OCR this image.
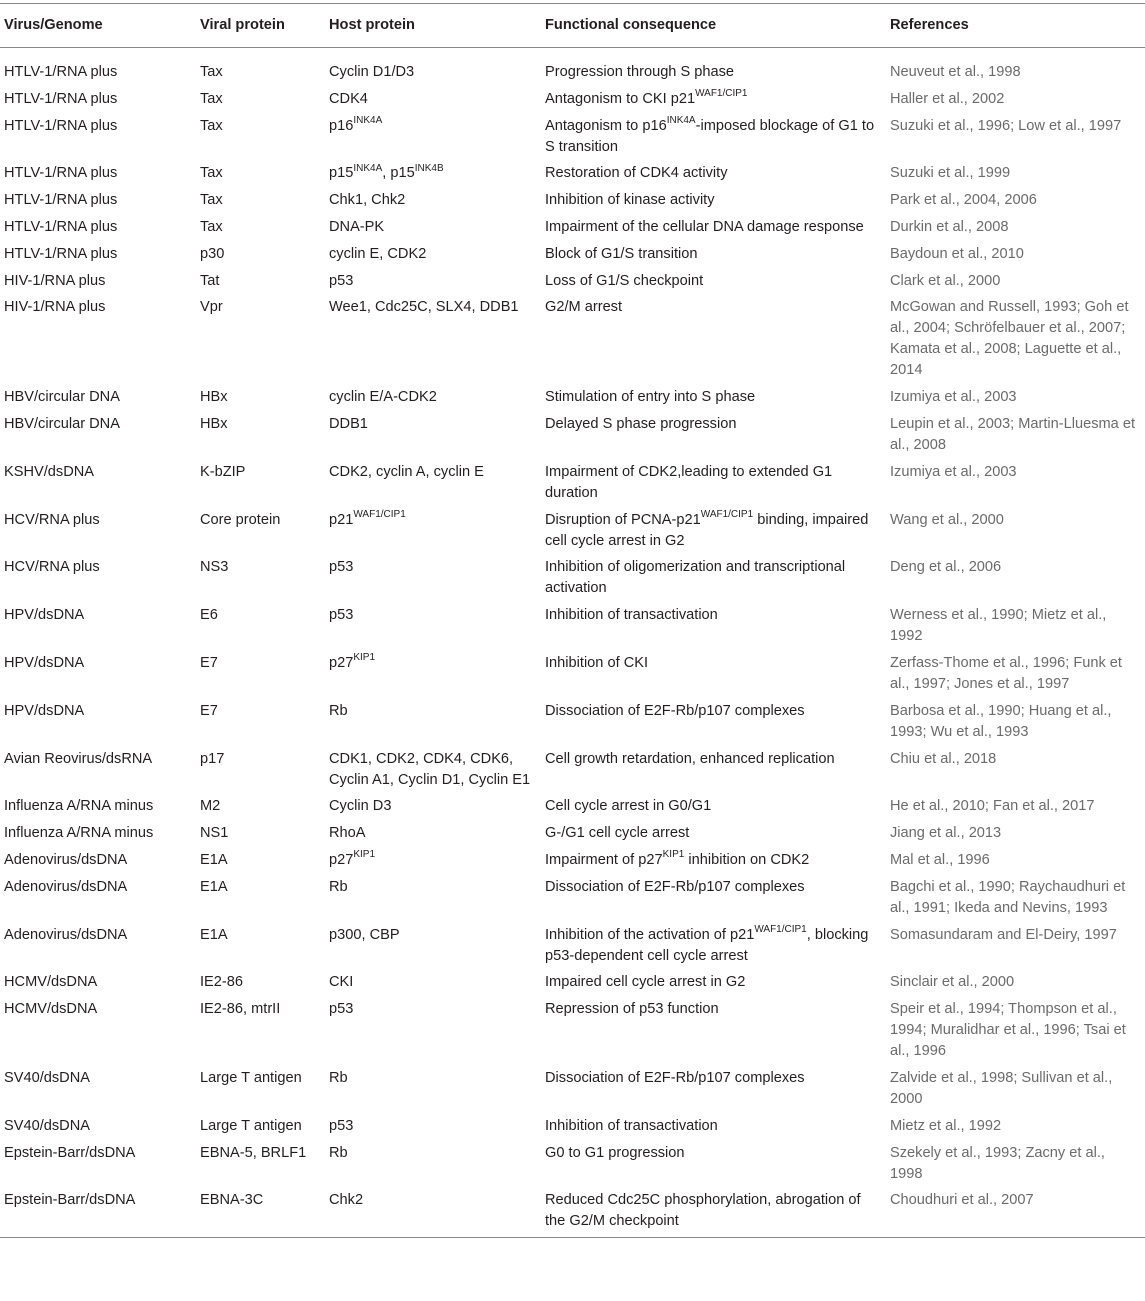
Virus/Genome	Viral protein	Host protein	Functional consequence	References
HTLV-1/RNA plus	Tax	Cyclin D1/D3	Progression through S phase	Neuveut et al., 1998
HTLV-1/RNA plus	Tax	CDK4	Antagonism to CKI $p21^{WAF1/CIP1}$	Haller et al., 2002
HTLV-1/RNA plus	Tax	$p16^{INK4A}$	Antagonism to $p16^{INK4A}$-imposed blockage of G1 to S transition	Suzuki et al., 1996; Low et al., 1997
HTLV-1/RNA plus	Tax	$p15^{INK4A}$, $p15^{INK4B}$	Restoration of CDK4 activity	Suzuki et al., 1999
HTLV-1/RNA plus	Tax	Chk1, Chk2	Inhibition of kinase activity	Park et al., 2004, 2006
HTLV-1/RNA plus	Tax	DNA-PK	Impairment of the cellular DNA damage response	Durkin et al., 2008
HTLV-1/RNA plus	p30	cyclin E, CDK2	Block of G1/S transition	Baydoun et al., 2010
HIV-1/RNA plus	Tat	p53	Loss of G1/S checkpoint	Clark et al., 2000
HIV-1/RNA plus	Vpr	Wee1, Cdc25C, SLX4, DDB1	G2/M arrest	McGowan and Russell, 1993; Goh et al., 2004; Schröfelbauer et al., 2007; Kamata et al., 2008; Laguette et al., 2014
HBV/circular DNA	HBx	cyclin E/A-CDK2	Stimulation of entry into S phase	Izumiya et al., 2003
HBV/circular DNA	HBx	DDB1	Delayed S phase progression	Leupin et al., 2003; Martin-Lluesma et al., 2008
KSHV/dsDNA	K-bZIP	CDK2, cyclin A, cyclin E	Impairment of CDK2,leading to extended G1 duration	Izumiya et al., 2003
HCV/RNA plus	Core protein	$p21^{WAF1/CIP1}$	Disruption of PCNA-$p21^{WAF1/CIP1}$ binding, impaired cell cycle arrest in G2	Wang et al., 2000
HCV/RNA plus	NS3	p53	Inhibition of oligomerization and transcriptional activation	Deng et al., 2006
HPV/dsDNA	E6	p53	Inhibition of transactivation	Werness et al., 1990; Mietz et al., 1992
HPV/dsDNA	E7	$p27^{KIP1}$	Inhibition of CKI	Zerfass-Thome et al., 1996; Funk et al., 1997; Jones et al., 1997
HPV/dsDNA	E7	Rb	Dissociation of E2F-Rb/p107 complexes	Barbosa et al., 1990; Huang et al., 1993; Wu et al., 1993
Avian Reovirus/dsRNA	p17	CDK1, CDK2, CDK4, CDK6, Cyclin A1, Cyclin D1, Cyclin E1	Cell growth retardation, enhanced replication	Chiu et al., 2018
Influenza A/RNA minus	M2	Cyclin D3	Cell cycle arrest in G0/G1	He et al., 2010; Fan et al., 2017
Influenza A/RNA minus	NS1	RhoA	G-/G1 cell cycle arrest	Jiang et al., 2013
Adenovirus/dsDNA	E1A	$p27^{KIP1}$	Impairment of $p27^{KIP1}$ inhibition on CDK2	Mal et al., 1996
Adenovirus/dsDNA	E1A	Rb	Dissociation of E2F-Rb/p107 complexes	Bagchi et al., 1990; Raychaudhuri et al., 1991; Ikeda and Nevins, 1993
Adenovirus/dsDNA	E1A	p300, CBP	Inhibition of the activation of $p21^{WAF1/CIP1}$, blocking p53-dependent cell cycle arrest	Somasundaram and El-Deiry, 1997
HCMV/dsDNA	IE2-86	CKI	Impaired cell cycle arrest in G2	Sinclair et al., 2000
HCMV/dsDNA	IE2-86, mtrII	p53	Repression of p53 function	Speir et al., 1994; Thompson et al., 1994; Muralidhar et al., 1996; Tsai et al., 1996
SV40/dsDNA	Large T antigen	Rb	Dissociation of E2F-Rb/p107 complexes	Zalvide et al., 1998; Sullivan et al., 2000
SV40/dsDNA	Large T antigen	p53	Inhibition of transactivation	Mietz et al., 1992
Epstein-Barr/dsDNA	EBNA-5, BRLF1	Rb	G0 to G1 progression	Szekely et al., 1993; Zacny et al., 1998
Epstein-Barr/dsDNA	EBNA-3C	Chk2	Reduced Cdc25C phosphorylation, abrogation of the G2/M checkpoint	Choudhuri et al., 2007
